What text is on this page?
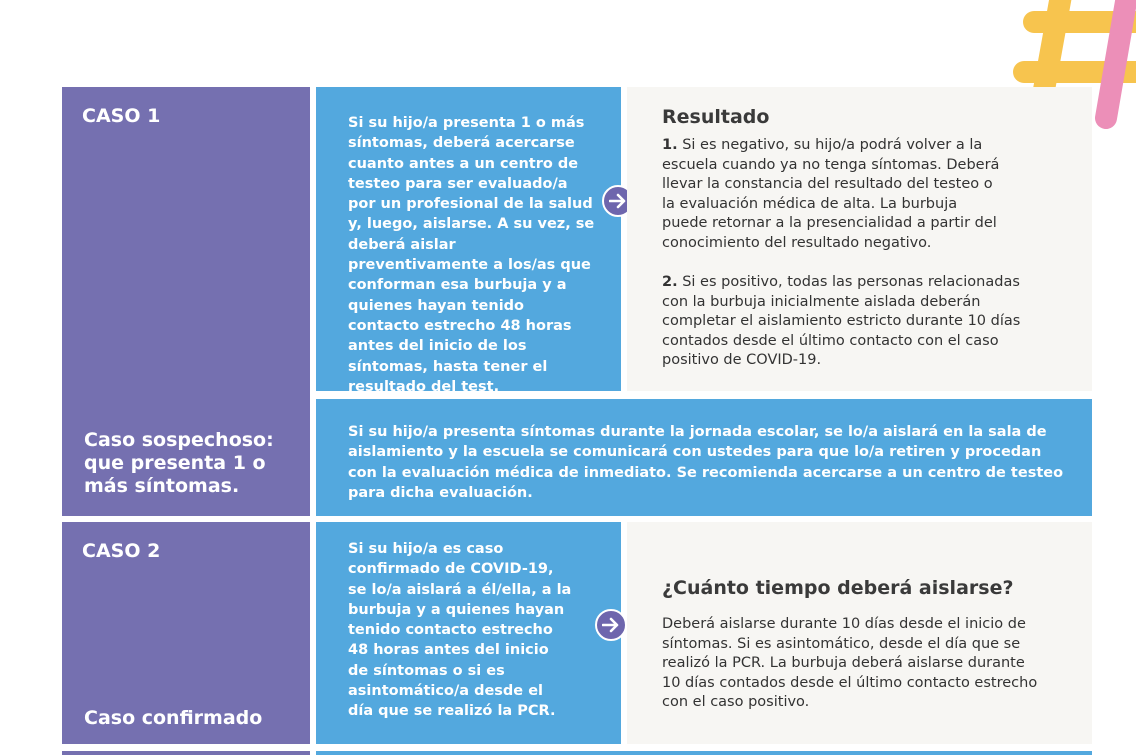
CASO 1
Caso sospechoso: que presenta 1 o más síntomas.
Si su hijo/a presenta 1 o más síntomas, deberá acercarse cuanto antes a un centro de testeo para ser evaluado/a por un profesional de la salud y, luego, aislarse. A su vez, se deberá aislar preventivamente a los/as que conforman esa burbuja y a quienes hayan tenido contacto estrecho 48 horas antes del inicio de los síntomas, hasta tener el resultado del test.
Resultado

1. Si es negativo, su hijo/a podrá volver a la escuela cuando ya no tenga síntomas. Deberá llevar la constancia del resultado del testeo o la evaluación médica de alta. La burbuja puede retornar a la presencialidad a partir del conocimiento del resultado negativo.

2. Si es positivo, todas las personas relacionadas con la burbuja inicialmente aislada deberán completar el aislamiento estricto durante 10 días contados desde el último contacto con el caso positivo de COVID-19.

Si su hijo/a presenta síntomas durante la jornada escolar, se lo/a aislará en la sala de aislamiento y la escuela se comunicará con ustedes para que lo/a retiren y procedan con la evaluación médica de inmediato. Se recomienda acercarse a un centro de testeo para dicha evaluación.
CASO 2
Caso confirmado
Si su hijo/a es caso confirmado de COVID-19, se lo/a aislará a él/ella, a la burbuja y a quienes hayan tenido contacto estrecho 48 horas antes del inicio de síntomas o si es asintomático/a desde el día que se realizó la PCR.
¿Cuánto tiempo deberá aislarse?

Deberá aislarse durante 10 días desde el inicio de síntomas. Si es asintomático, desde el día que se realizó la PCR. La burbuja deberá aislarse durante 10 días contados desde el último contacto estrecho con el caso positivo.
